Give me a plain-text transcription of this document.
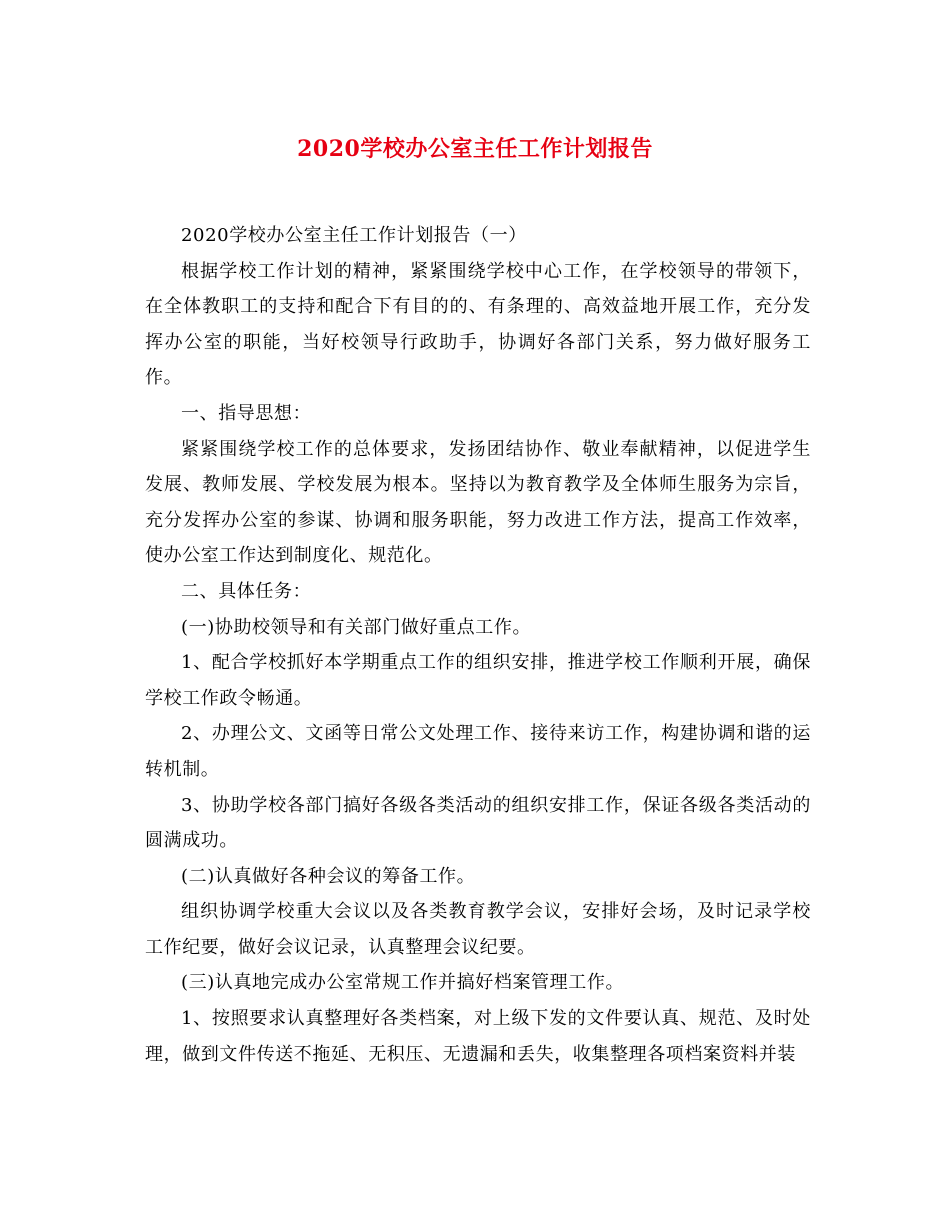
2020学校办公室主任工作计划报告

2020学校办公室主任工作计划报告（一）

根据学校工作计划的精神，紧紧围绕学校中心工作，在学校领导的带领下，在全体教职工的支持和配合下有目的的、有条理的、高效益地开展工作，充分发挥办公室的职能，当好校领导行政助手，协调好各部门关系，努力做好服务工作。

一、指导思想：

紧紧围绕学校工作的总体要求，发扬团结协作、敬业奉献精神，以促进学生发展、教师发展、学校发展为根本。坚持以为教育教学及全体师生服务为宗旨，充分发挥办公室的参谋、协调和服务职能，努力改进工作方法，提高工作效率，使办公室工作达到制度化、规范化。

二、具体任务：

(一)协助校领导和有关部门做好重点工作。

1、配合学校抓好本学期重点工作的组织安排，推进学校工作顺利开展，确保学校工作政令畅通。

2、办理公文、文函等日常公文处理工作、接待来访工作，构建协调和谐的运转机制。

3、协助学校各部门搞好各级各类活动的组织安排工作，保证各级各类活动的圆满成功。

(二)认真做好各种会议的筹备工作。

组织协调学校重大会议以及各类教育教学会议，安排好会场，及时记录学校工作纪要，做好会议记录，认真整理会议纪要。

(三)认真地完成办公室常规工作并搞好档案管理工作。

1、按照要求认真整理好各类档案，对上级下发的文件要认真、规范、及时处理，做到文件传送不拖延、无积压、无遗漏和丢失，收集整理各项档案资料并装
